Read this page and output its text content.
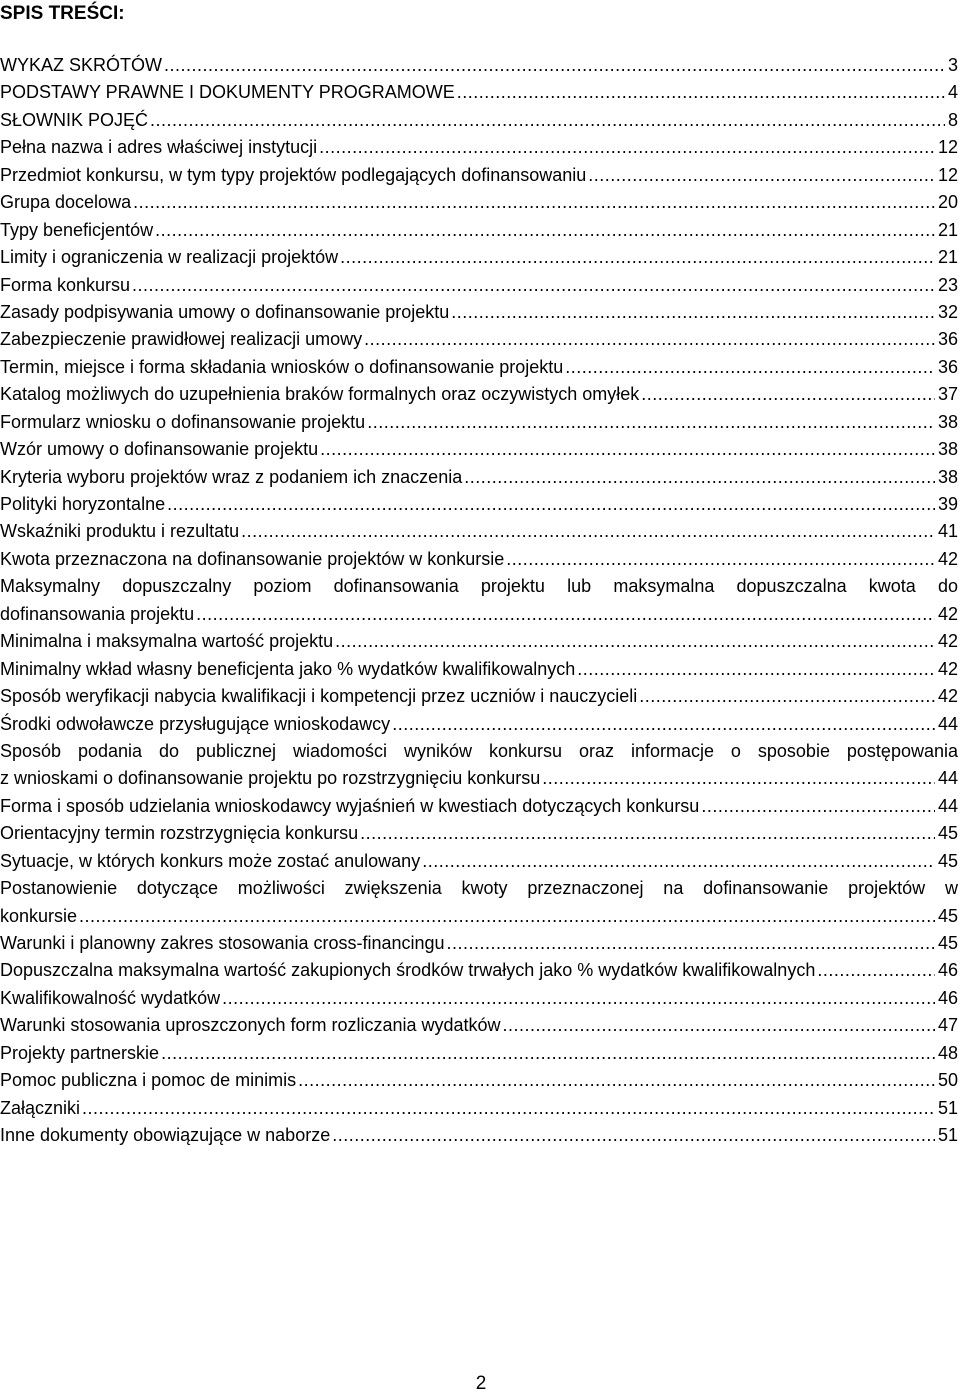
SPIS TREŚCI:
WYKAZ SKRÓTÓW .....	3
PODSTAWY PRAWNE I DOKUMENTY PROGRAMOWE .....	4
SŁOWNIK POJĘĆ .....	8
Pełna nazwa i adres właściwej instytucji .....	12
Przedmiot konkursu, w tym typy projektów podlegających dofinansowaniu .....	12
Grupa docelowa .....	20
Typy beneficjentów .....	21
Limity i ograniczenia w realizacji projektów .....	21
Forma konkursu .....	23
Zasady podpisywania umowy o dofinansowanie projektu .....	32
Zabezpieczenie prawidłowej realizacji umowy .....	36
Termin, miejsce i forma składania wniosków o dofinansowanie projektu .....	36
Katalog możliwych do uzupełnienia braków formalnych oraz oczywistych omyłek .....	37
Formularz wniosku o dofinansowanie projektu .....	38
Wzór umowy o dofinansowanie projektu .....	38
Kryteria wyboru projektów wraz z podaniem ich znaczenia .....	38
Polityki horyzontalne .....	39
Wskaźniki produktu i rezultatu .....	41
Kwota przeznaczona na dofinansowanie projektów w konkursie .....	42
Maksymalny dopuszczalny poziom dofinansowania projektu lub maksymalna dopuszczalna kwota do
dofinansowania projektu .....	42
Minimalna i maksymalna wartość projektu .....	42
Minimalny wkład własny beneficjenta jako % wydatków kwalifikowalnych .....	42
Sposób weryfikacji nabycia kwalifikacji i kompetencji przez uczniów i nauczycieli .....	42
Środki odwoławcze przysługujące wnioskodawcy .....	44
Sposób podania do publicznej wiadomości wyników konkursu oraz informacje o sposobie postępowania
z wnioskami o dofinansowanie projektu po rozstrzygnięciu konkursu .....	44
Forma i sposób udzielania wnioskodawcy wyjaśnień w kwestiach dotyczących konkursu .....	44
Orientacyjny termin rozstrzygnięcia konkursu .....	45
Sytuacje, w których konkurs może zostać anulowany .....	45
Postanowienie dotyczące możliwości zwiększenia kwoty przeznaczonej na dofinansowanie projektów w
konkursie .....	45
Warunki i planowny zakres stosowania cross-financingu .....	45
Dopuszczalna maksymalna wartość zakupionych środków trwałych jako % wydatków kwalifikowalnych .....	46
Kwalifikowalność wydatków .....	46
Warunki stosowania uproszczonych form rozliczania wydatków .....	47
Projekty partnerskie .....	48
Pomoc publiczna i pomoc de minimis .....	50
Załączniki .....	51
Inne dokumenty obowiązujące w naborze .....	51
2
